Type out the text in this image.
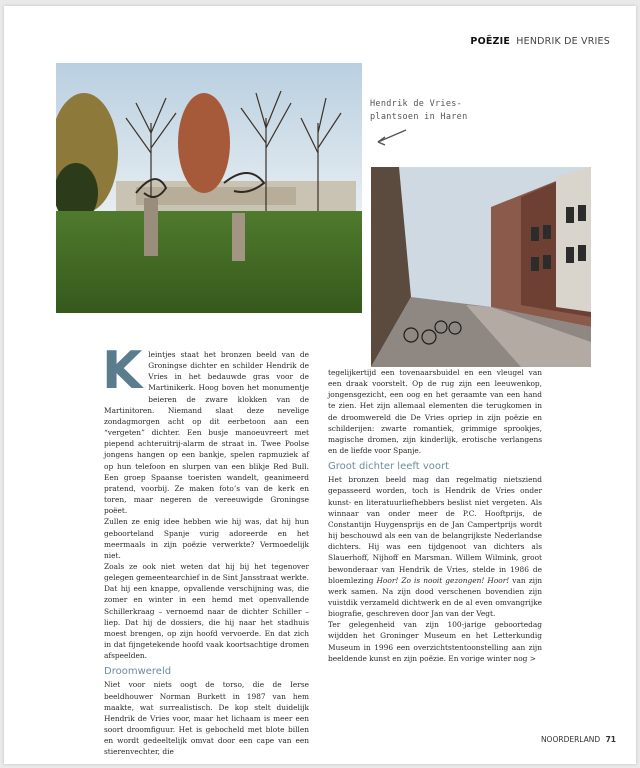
POËZIE HENDRIK DE VRIES
Hendrik de Vries-
plantsoen in Haren
K leintjes staat het bronzen beeld van de Groningse dichter en schilder Hendrik de Vries in het bedauwde gras voor de Martinikerk. Hoog boven het monumentje beieren de zware klokken van de Martinitoren. Niemand slaat deze nevelige zondagmorgen acht op dit eerbetoon aan een “vergeten” dichter. Een busje manoeuvreert met piepend achteruitrij-alarm de straat in. Twee Poolse jongens hangen op een bankje, spelen rapmuziek af op hun telefoon en slurpen van een blikje Red Bull. Een groep Spaanse toeristen wandelt, geanimeerd pratend, voorbij. Ze maken foto’s van de kerk en toren, maar negeren de vereeuwigde Groningse poëet.

Zullen ze enig idee hebben wie hij was, dat hij hun geboorteland Spanje vurig adoreerde en het meermaals in zijn poëzie verwerkte? Vermoedelijk niet.

Zoals ze ook niet weten dat hij bij het tegenover gelegen gemeentearchief in de Sint Jansstraat werkte. Dat hij een knappe, opvallende verschijning was, die zomer en winter in een hemd met openvallende Schillerkraag – vernoemd naar de dichter Schiller – liep. Dat hij de dossiers, die hij naar het stadhuis moest brengen, op zijn hoofd vervoerde. En dat zich in dat fijngetekende hoofd vaak koortsachtige dromen afspeelden.

Droomwereld

Niet voor niets oogt de torso, die de Ierse beeldhouwer Norman Burkett in 1987 van hem maakte, wat surrealistisch. De kop stelt duidelijk Hendrik de Vries voor, maar het lichaam is meer een soort droomfiguur. Het is gebocheld met blote billen en wordt gedeeltelijk omvat door een cape van een stierenvechter, die

tegelijkertijd een tovenaarsbuidel en een vleugel van een draak voorstelt. Op de rug zijn een leeuwenkop, jongensgezicht, een oog en het geraamte van een hand te zien. Het zijn allemaal elementen die terugkomen in de droomwereld die De Vries opriep in zijn poëzie en schilderijen: zwarte romantiek, grimmige sprookjes, magische dromen, zijn kinderlijk, erotische verlangens en de liefde voor Spanje.

Groot dichter leeft voort

Het bronzen beeld mag dan regelmatig nietsziend gepasseerd worden, toch is Hendrik de Vries onder kunst- en literatuurliefhebbers beslist niet vergeten. Als winnaar van onder meer de P.C. Hooftprijs, de Constantijn Huygensprijs en de Jan Campertprijs wordt hij beschouwd als een van de belangrijkste Nederlandse dichters. Hij was een tijdgenoot van dichters als Slauerhoff, Nijhoff en Marsman. Willem Wilmink, groot bewonderaar van Hendrik de Vries, stelde in 1986 de bloemlezing Hoor! Zo is nooit gezongen! Hoor! van zijn werk samen. Na zijn dood verschenen bovendien zijn vuistdik verzameld dichtwerk en de al even omvangrijke biografie, geschreven door Jan van der Vegt.

Ter gelegenheid van zijn 100-jarige geboortedag wijdden het Groninger Museum en het Letterkundig Museum in 1996 een overzichtstentoonstelling aan zijn beeldende kunst en zijn poëzie. En vorige winter nog >

NOORDERLAND 71
